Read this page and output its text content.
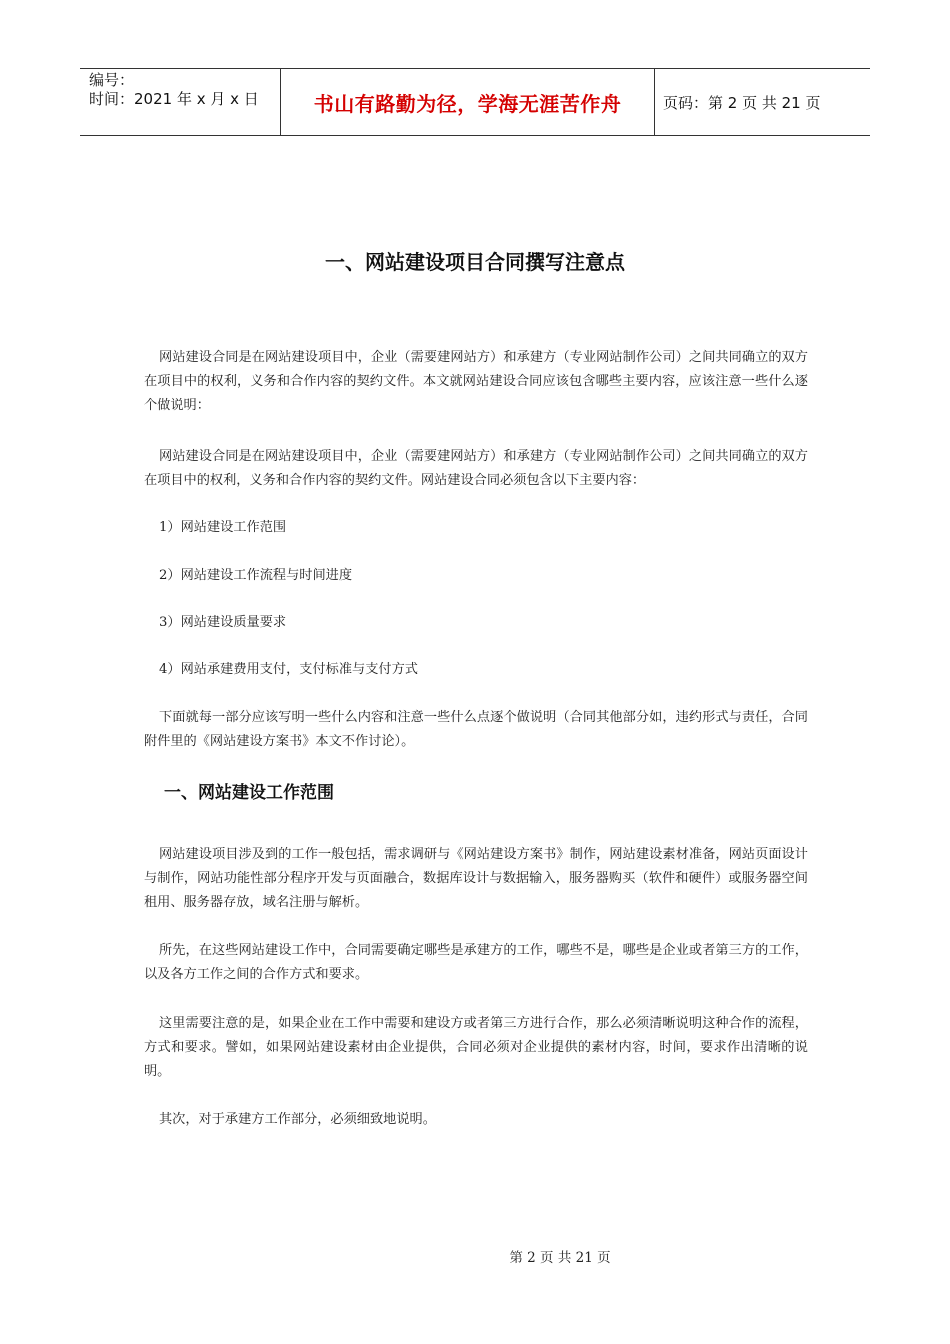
编号：
时间：2021 年 x 月 x 日	书山有路勤为径，学海无涯苦作舟	页码：第 2 页 共 21 页
一、网站建设项目合同撰写注意点

网站建设合同是在网站建设项目中，企业（需要建网站方）和承建方（专业网站制作公司）之间共同确立的双方在项目中的权利，义务和合作内容的契约文件。本文就网站建设合同应该包含哪些主要内容，应该注意一些什么逐个做说明：

网站建设合同是在网站建设项目中，企业（需要建网站方）和承建方（专业网站制作公司）之间共同确立的双方在项目中的权利，义务和合作内容的契约文件。网站建设合同必须包含以下主要内容：

1）网站建设工作范围

2）网站建设工作流程与时间进度

3）网站建设质量要求

4）网站承建费用支付，支付标准与支付方式

下面就每一部分应该写明一些什么内容和注意一些什么点逐个做说明（合同其他部分如，违约形式与责任，合同附件里的《网站建设方案书》本文不作讨论）。

一、网站建设工作范围

网站建设项目涉及到的工作一般包括，需求调研与《网站建设方案书》制作，网站建设素材准备，网站页面设计与制作，网站功能性部分程序开发与页面融合，数据库设计与数据输入，服务器购买（软件和硬件）或服务器空间租用、服务器存放，域名注册与解析。

所先，在这些网站建设工作中，合同需要确定哪些是承建方的工作，哪些不是，哪些是企业或者第三方的工作，以及各方工作之间的合作方式和要求。

这里需要注意的是，如果企业在工作中需要和建设方或者第三方进行合作，那么必须清晰说明这种合作的流程，方式和要求。譬如，如果网站建设素材由企业提供，合同必须对企业提供的素材内容，时间，要求作出清晰的说明。

其次，对于承建方工作部分，必须细致地说明。

第 2 页 共 21 页
